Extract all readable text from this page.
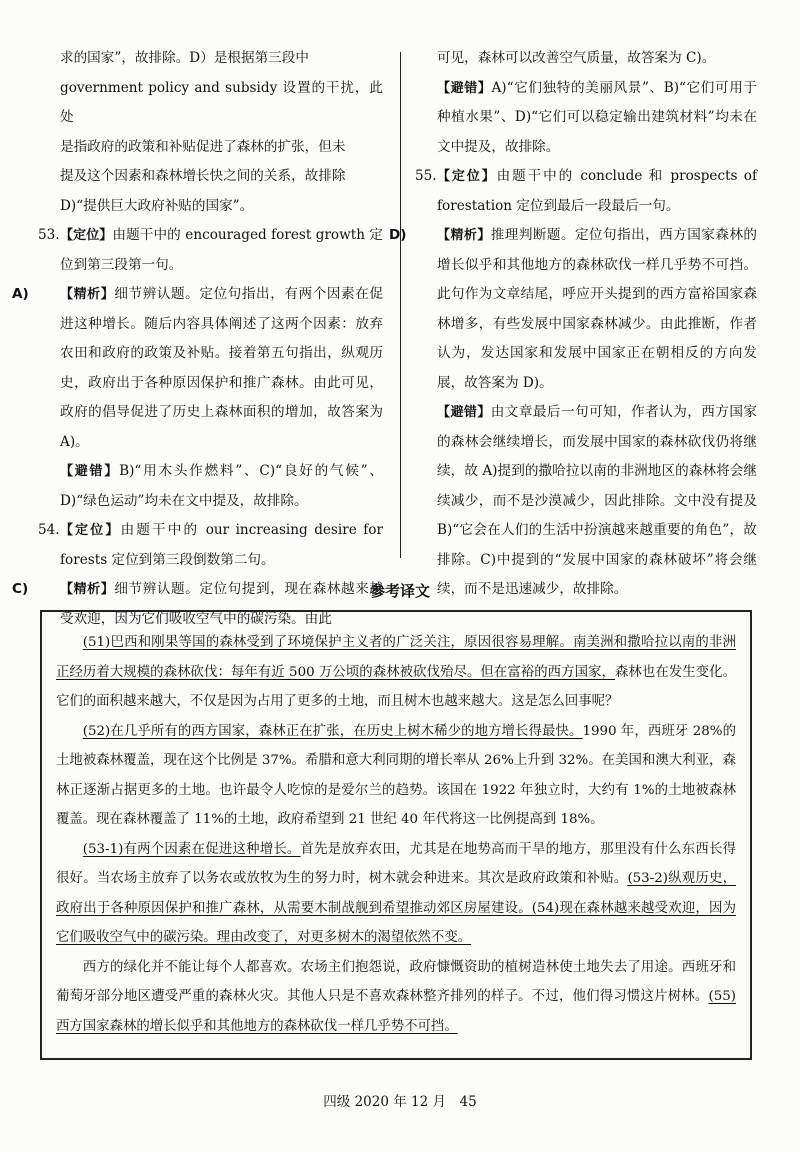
求的国家”，故排除。D）是根据第三段中

government policy and subsidy 设置的干扰，此处

是指政府的政策和补贴促进了森林的扩张，但未

提及这个因素和森林增长快之间的关系，故排除

D)“提供巨大政府补贴的国家”。

53. 【定位】由题干中的 encouraged forest growth 定位到第三段第一句。

A)	【精析】细节辨认题。定位句指出，有两个因素在促进这种增长。随后内容具体阐述了这两个因素：放弃农田和政府的政策及补贴。接着第五句指出，纵观历史，政府出于各种原因保护和推广森林。由此可见，政府的倡导促进了历史上森林面积的增加，故答案为 A)。

【避错】B)“用木头作燃料”、C)“良好的气候”、D)“绿色运动”均未在文中提及，故排除。

54. 【定位】由题干中的 our increasing desire for forests 定位到第三段倒数第二句。

C)	【精析】细节辨认题。定位句提到，现在森林越来越受欢迎，因为它们吸收空气中的碳污染。由此

可见，森林可以改善空气质量，故答案为 C)。

【避错】A)“它们独特的美丽风景”、B)“它们可用于种植水果”、D)“它们可以稳定输出建筑材料”均未在文中提及，故排除。

55. 【定位】由题干中的 conclude 和 prospects of forestation 定位到最后一段最后一句。

D)	【精析】推理判断题。定位句指出，西方国家森林的增长似乎和其他地方的森林砍伐一样几乎势不可挡。此句作为文章结尾，呼应开头提到的西方富裕国家森林增多，有些发展中国家森林减少。由此推断，作者认为，发达国家和发展中国家正在朝相反的方向发展，故答案为 D)。

【避错】由文章最后一句可知，作者认为，西方国家的森林会继续增长，而发展中国家的森林砍伐仍将继续，故 A)提到的撒哈拉以南的非洲地区的森林将会继续减少，而不是沙漠减少，因此排除。文中没有提及 B)“它会在人们的生活中扮演越来越重要的角色”，故排除。C)中提到的“发展中国家的森林破坏”将会继续，而不是迅速减少，故排除。

参考译文

(51)巴西和刚果等国的森林受到了环境保护主义者的广泛关注，原因很容易理解。南美洲和撒哈拉以南的非洲正经历着大规模的森林砍伐：每年有近 500 万公顷的森林被砍伐殆尽。但在富裕的西方国家，森林也在发生变化。它们的面积越来越大，不仅是因为占用了更多的土地，而且树木也越来越大。这是怎么回事呢？

(52)在几乎所有的西方国家，森林正在扩张，在历史上树木稀少的地方增长得最快。1990 年，西班牙 28%的土地被森林覆盖，现在这个比例是 37%。希腊和意大利同期的增长率从 26%上升到 32%。在美国和澳大利亚，森林正逐渐占据更多的土地。也许最令人吃惊的是爱尔兰的趋势。该国在 1922 年独立时，大约有 1%的土地被森林覆盖。现在森林覆盖了 11%的土地，政府希望到 21 世纪 40 年代将这一比例提高到 18%。

(53-1)有两个因素在促进这种增长。首先是放弃农田，尤其是在地势高而干旱的地方，那里没有什么东西长得很好。当农场主放弃了以务农或放牧为生的努力时，树木就会种进来。其次是政府政策和补贴。(53-2)纵观历史，政府出于各种原因保护和推广森林，从需要木制战舰到希望推动郊区房屋建设。(54)现在森林越来越受欢迎，因为它们吸收空气中的碳污染。理由改变了，对更多树木的渴望依然不变。

西方的绿化并不能让每个人都喜欢。农场主们抱怨说，政府慷慨资助的植树造林使土地失去了用途。西班牙和葡萄牙部分地区遭受严重的森林火灾。其他人只是不喜欢森林整齐排列的样子。不过，他们得习惯这片树林。(55)西方国家森林的增长似乎和其他地方的森林砍伐一样几乎势不可挡。

四级 2020 年 12 月　45
